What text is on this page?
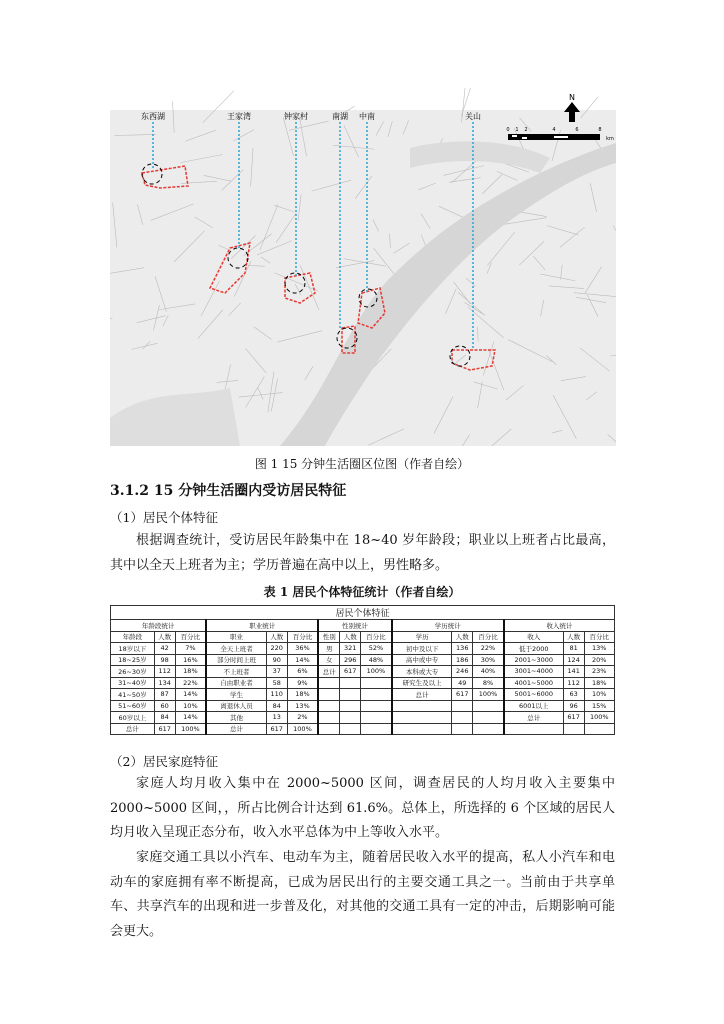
东西湖	王家湾	钟家村	南湖 中南	关山
N
0 1 2	4	6	8
km
图 1 15 分钟生活圈区位图（作者自绘）
3.1.2 15 分钟生活圈内受访居民特征
（1）居民个体特征
根据调查统计，受访居民年龄集中在 18~40 岁年龄段；职业以上班者占比最高，其中以全天上班者为主；学历普遍在高中以上，男性略多。
表 1 居民个体特征统计（作者自绘）
居民个体特征														
年龄段统计			职业统计			性别统计			学历统计			收入统计		
年龄段	人数	百分比	职业	人数	百分比	性别	人数	百分比	学历	人数	百分比	收入	人数	百分比
18岁以下	42	7%	全天上班者	220	36%	男	321	52%	初中及以下	136	22%	低于2000	81	13%
18~25岁	98	16%	部分时间上班	90	14%	女	296	48%	高中或中专	186	30%	2001~3000	124	20%
26~30岁	112	18%	不上班者	37	6%	总计	617	100%	本科或大专	246	40%	3001~4000	141	23%
31~40岁	134	22%	自由职业者	58	9%				研究生及以上	49	8%	4001~5000	112	18%
41~50岁	87	14%	学生	110	18%				总计	617	100%	5001~6000	63	10%
51~60岁	60	10%	离退休人员	84	13%							6001以上	96	15%
60岁以上	84	14%	其他	13	2%							总计	617	100%
总计	617	100%	总计	617	100%									
（2）居民家庭特征
家庭人均月收入集中在 2000~5000 区间，调查居民的人均月收入主要集中 2000~5000 区间，，所占比例合计达到 61.6%。总体上，所选择的 6 个区域的居民人均月收入呈现正态分布，收入水平总体为中上等收入水平。
家庭交通工具以小汽车、电动车为主，随着居民收入水平的提高，私人小汽车和电动车的家庭拥有率不断提高，已成为居民出行的主要交通工具之一。当前由于共享单车、共享汽车的出现和进一步普及化，对其他的交通工具有一定的冲击，后期影响可能会更大。
